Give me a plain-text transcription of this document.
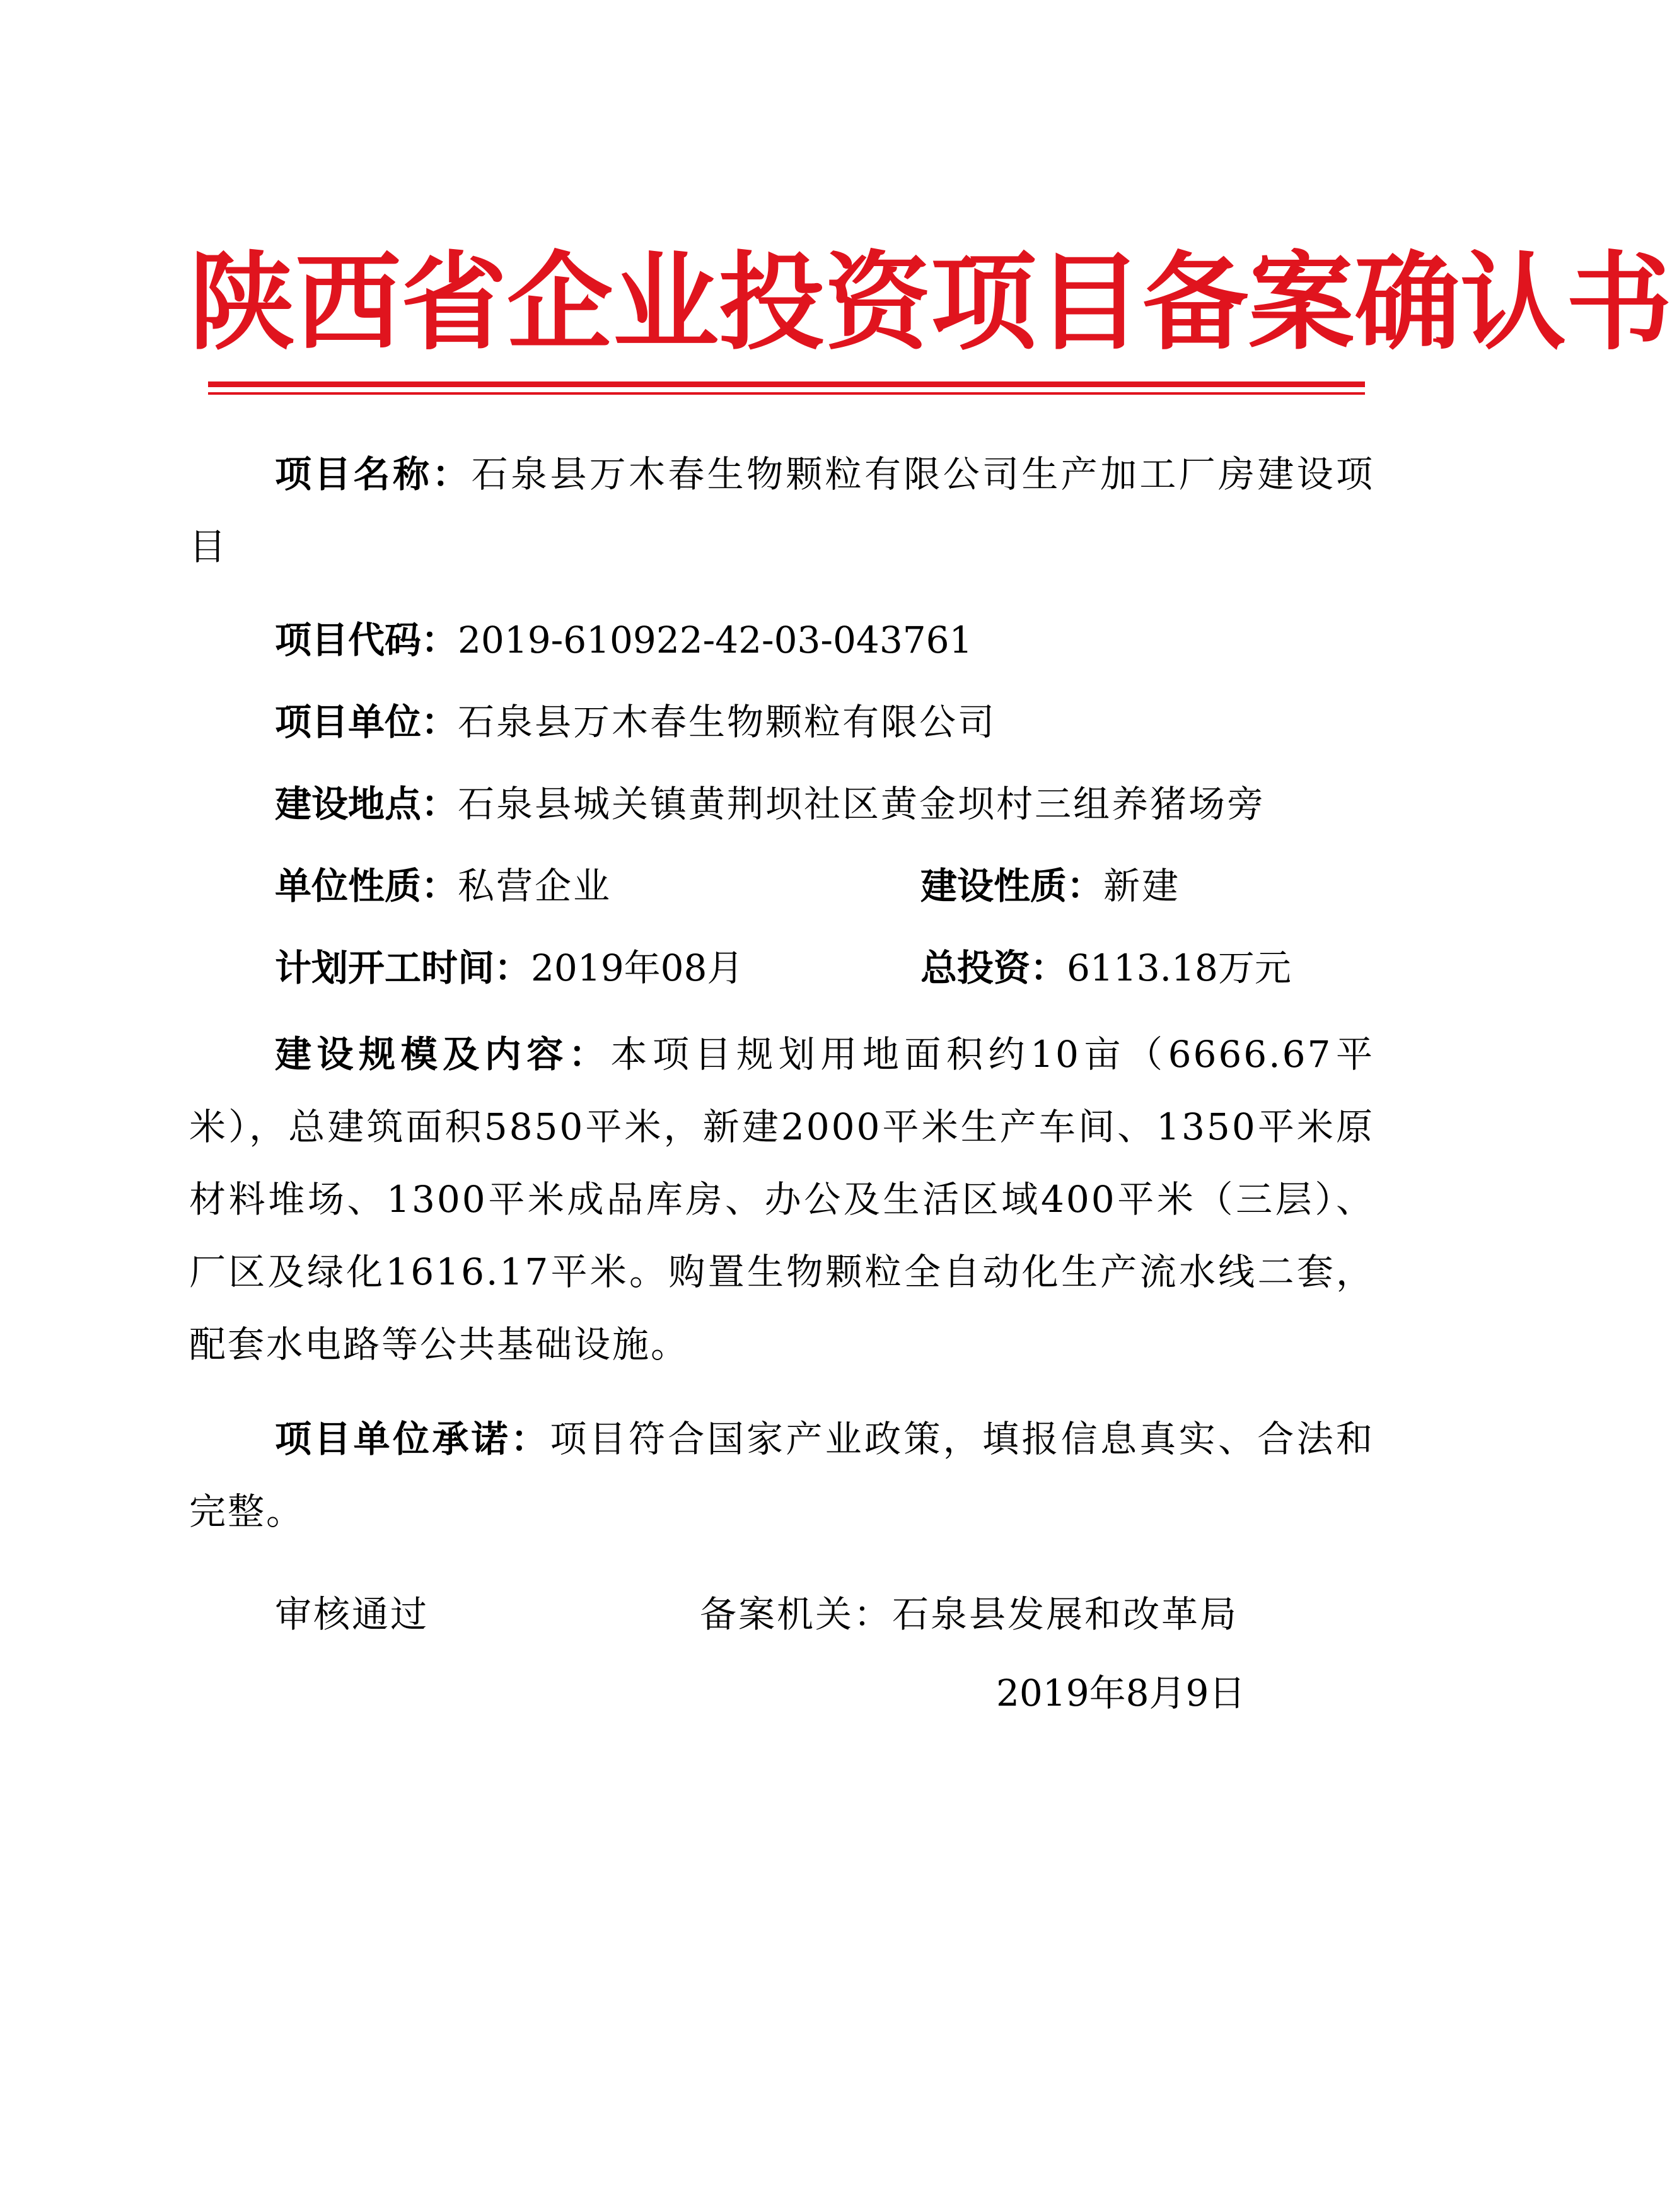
陕西省企业投资项目备案确认书
项目名称：石泉县万木春生物颗粒有限公司生产加工厂房建设项目
项目代码：2019-610922-42-03-043761
项目单位：石泉县万木春生物颗粒有限公司
建设地点：石泉县城关镇黄荆坝社区黄金坝村三组养猪场旁
单位性质：私营企业	建设性质：新建
计划开工时间：2019年08月	总投资：6113.18万元
建设规模及内容：本项目规划用地面积约10亩（6666.67平米），总建筑面积5850平米，新建2000平米生产车间、1350平米原材料堆场、1300平米成品库房、办公及生活区域400平米（三层）、厂区及绿化1616.17平米。购置生物颗粒全自动化生产流水线二套，配套水电路等公共基础设施。
项目单位承诺：项目符合国家产业政策，填报信息真实、合法和完整。
审核通过	备案机关：石泉县发展和改革局
2019年8月9日
